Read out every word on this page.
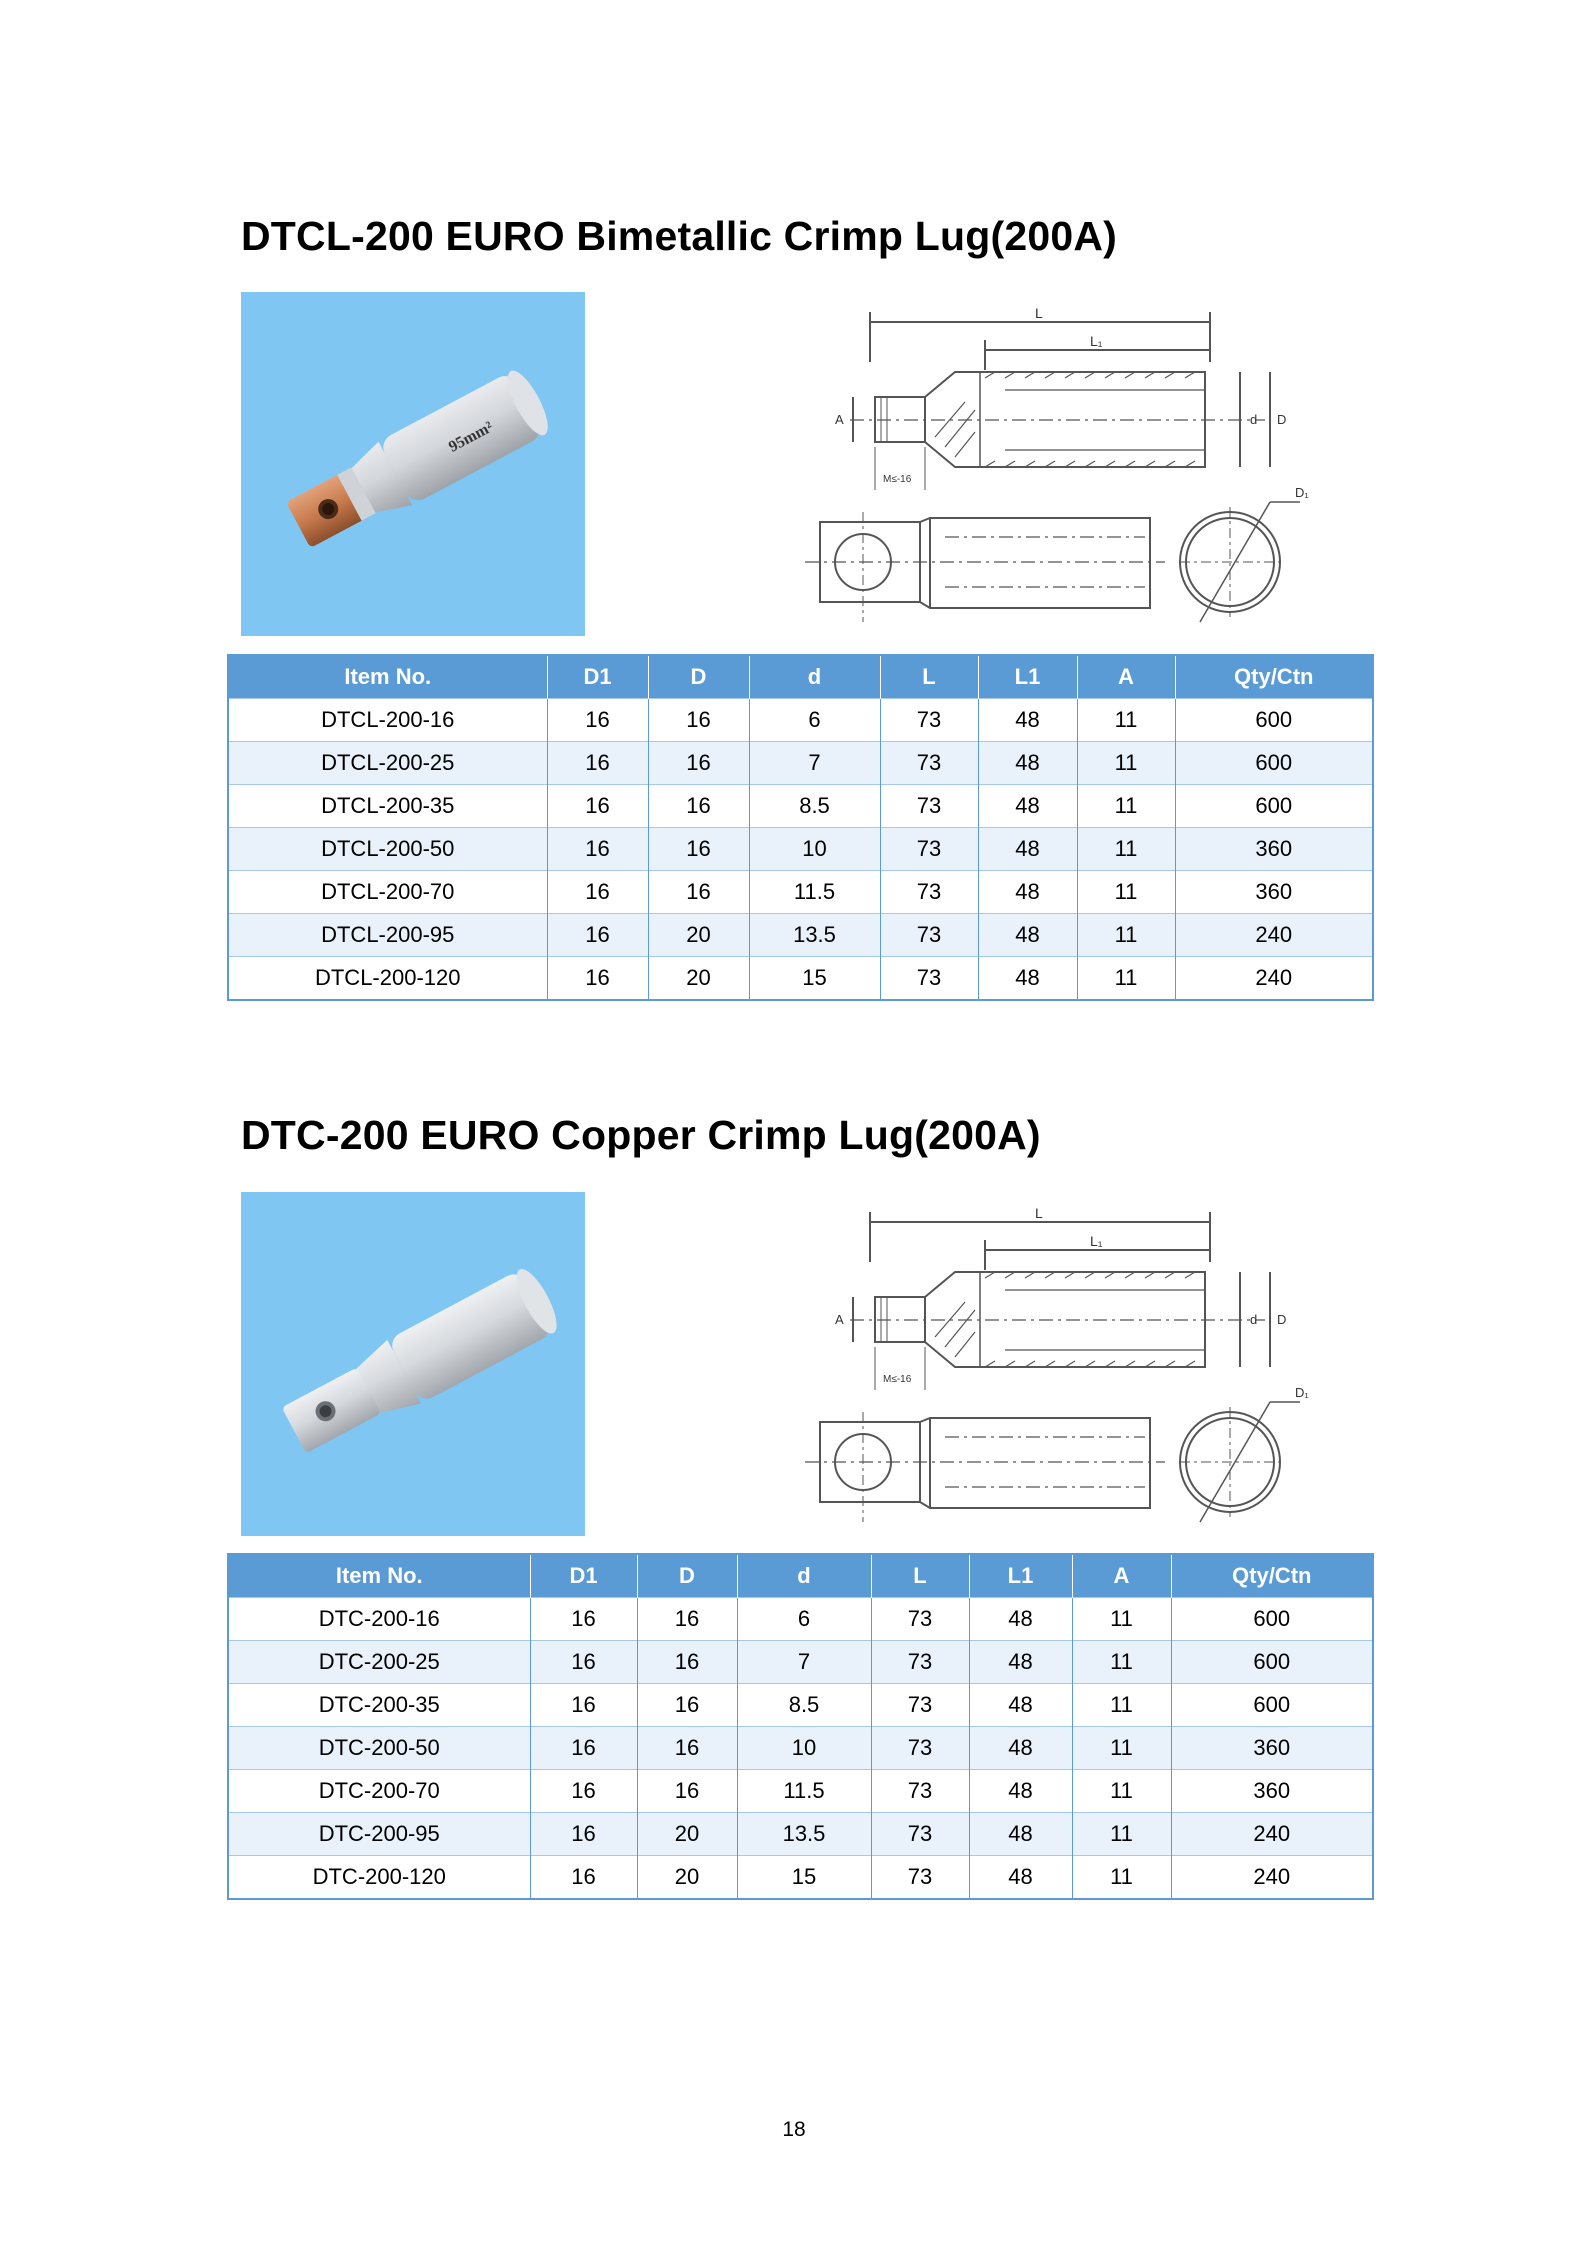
DTCL-200 EURO Bimetallic Crimp Lug(200A)
95mm²
L
L₁
d D
A
M≤-16
D₁
Item No.	D1	D	d	L	L1	A	Qty/Ctn
DTCL-200-16	16	16	6	73	48	11	600
DTCL-200-25	16	16	7	73	48	11	600
DTCL-200-35	16	16	8.5	73	48	11	600
DTCL-200-50	16	16	10	73	48	11	360
DTCL-200-70	16	16	11.5	73	48	11	360
DTCL-200-95	16	20	13.5	73	48	11	240
DTCL-200-120	16	20	15	73	48	11	240
DTC-200 EURO Copper Crimp Lug(200A)
L
L₁
d D
A
M≤-16
D₁
Item No.	D1	D	d	L	L1	A	Qty/Ctn
DTC-200-16	16	16	6	73	48	11	600
DTC-200-25	16	16	7	73	48	11	600
DTC-200-35	16	16	8.5	73	48	11	600
DTC-200-50	16	16	10	73	48	11	360
DTC-200-70	16	16	11.5	73	48	11	360
DTC-200-95	16	20	13.5	73	48	11	240
DTC-200-120	16	20	15	73	48	11	240
18
